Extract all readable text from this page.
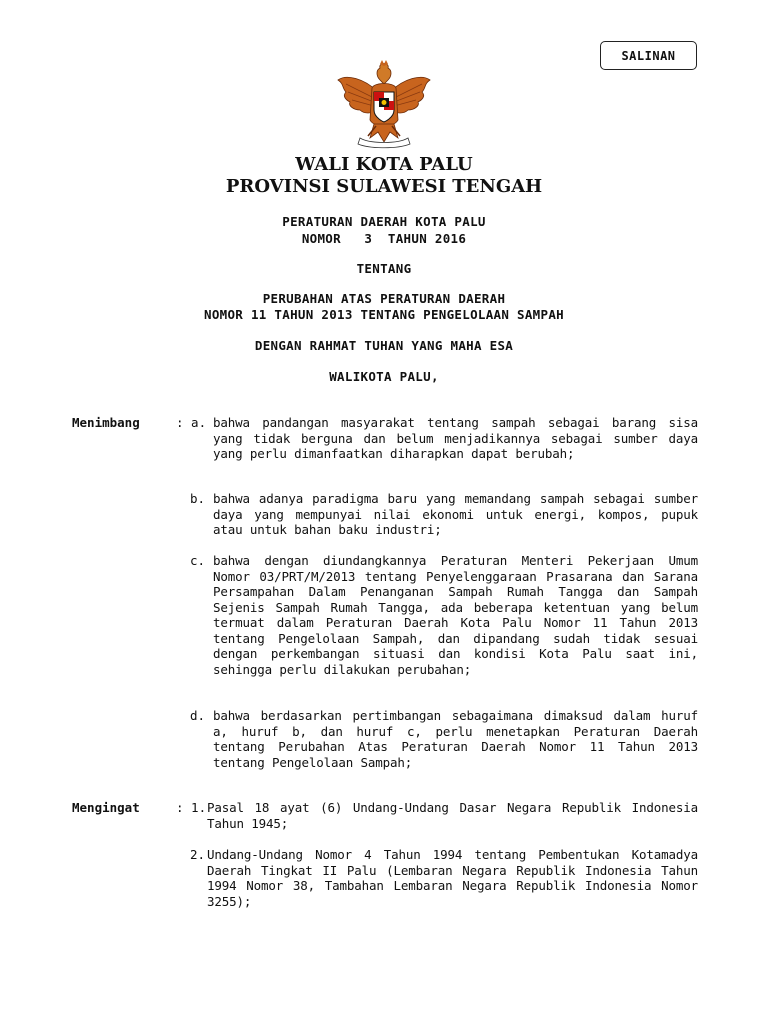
SALINAN
WALI KOTA PALU
PROVINSI SULAWESI TENGAH
PERATURAN DAERAH KOTA PALU
NOMOR   3  TAHUN 2016
TENTANG
PERUBAHAN ATAS PERATURAN DAERAH
NOMOR 11 TAHUN 2013 TENTANG PENGELOLAAN SAMPAH
DENGAN RAHMAT TUHAN YANG MAHA ESA
WALIKOTA PALU,
Menimbang	: a. bahwa pandangan masyarakat tentang sampah sebagai barang sisa yang tidak berguna dan belum menjadikannya sebagai sumber daya yang perlu dimanfaatkan diharapkan dapat berubah;
b. bahwa adanya paradigma baru yang memandang sampah sebagai sumber daya yang mempunyai nilai ekonomi untuk energi, kompos, pupuk atau untuk bahan baku industri;
c. bahwa dengan diundangkannya Peraturan Menteri Pekerjaan Umum Nomor 03/PRT/M/2013 tentang Penyelenggaraan Prasarana dan Sarana Persampahan Dalam Penanganan Sampah Rumah Tangga dan Sampah Sejenis Sampah Rumah Tangga, ada beberapa ketentuan yang belum termuat dalam Peraturan Daerah Kota Palu Nomor 11 Tahun 2013 tentang Pengelolaan Sampah, dan dipandang sudah tidak sesuai dengan perkembangan situasi dan kondisi Kota Palu saat ini, sehingga perlu dilakukan perubahan;
d. bahwa berdasarkan pertimbangan sebagaimana dimaksud dalam huruf a, huruf b, dan huruf c, perlu menetapkan Peraturan Daerah tentang Perubahan Atas Peraturan Daerah Nomor 11 Tahun 2013 tentang Pengelolaan Sampah;
Mengingat	: 1. Pasal 18 ayat (6) Undang-Undang Dasar Negara Republik Indonesia Tahun 1945;
2. Undang-Undang Nomor 4 Tahun 1994 tentang Pembentukan Kotamadya Daerah Tingkat II Palu (Lembaran Negara Republik Indonesia Tahun 1994 Nomor 38, Tambahan Lembaran Negara Republik Indonesia Nomor 3255);
